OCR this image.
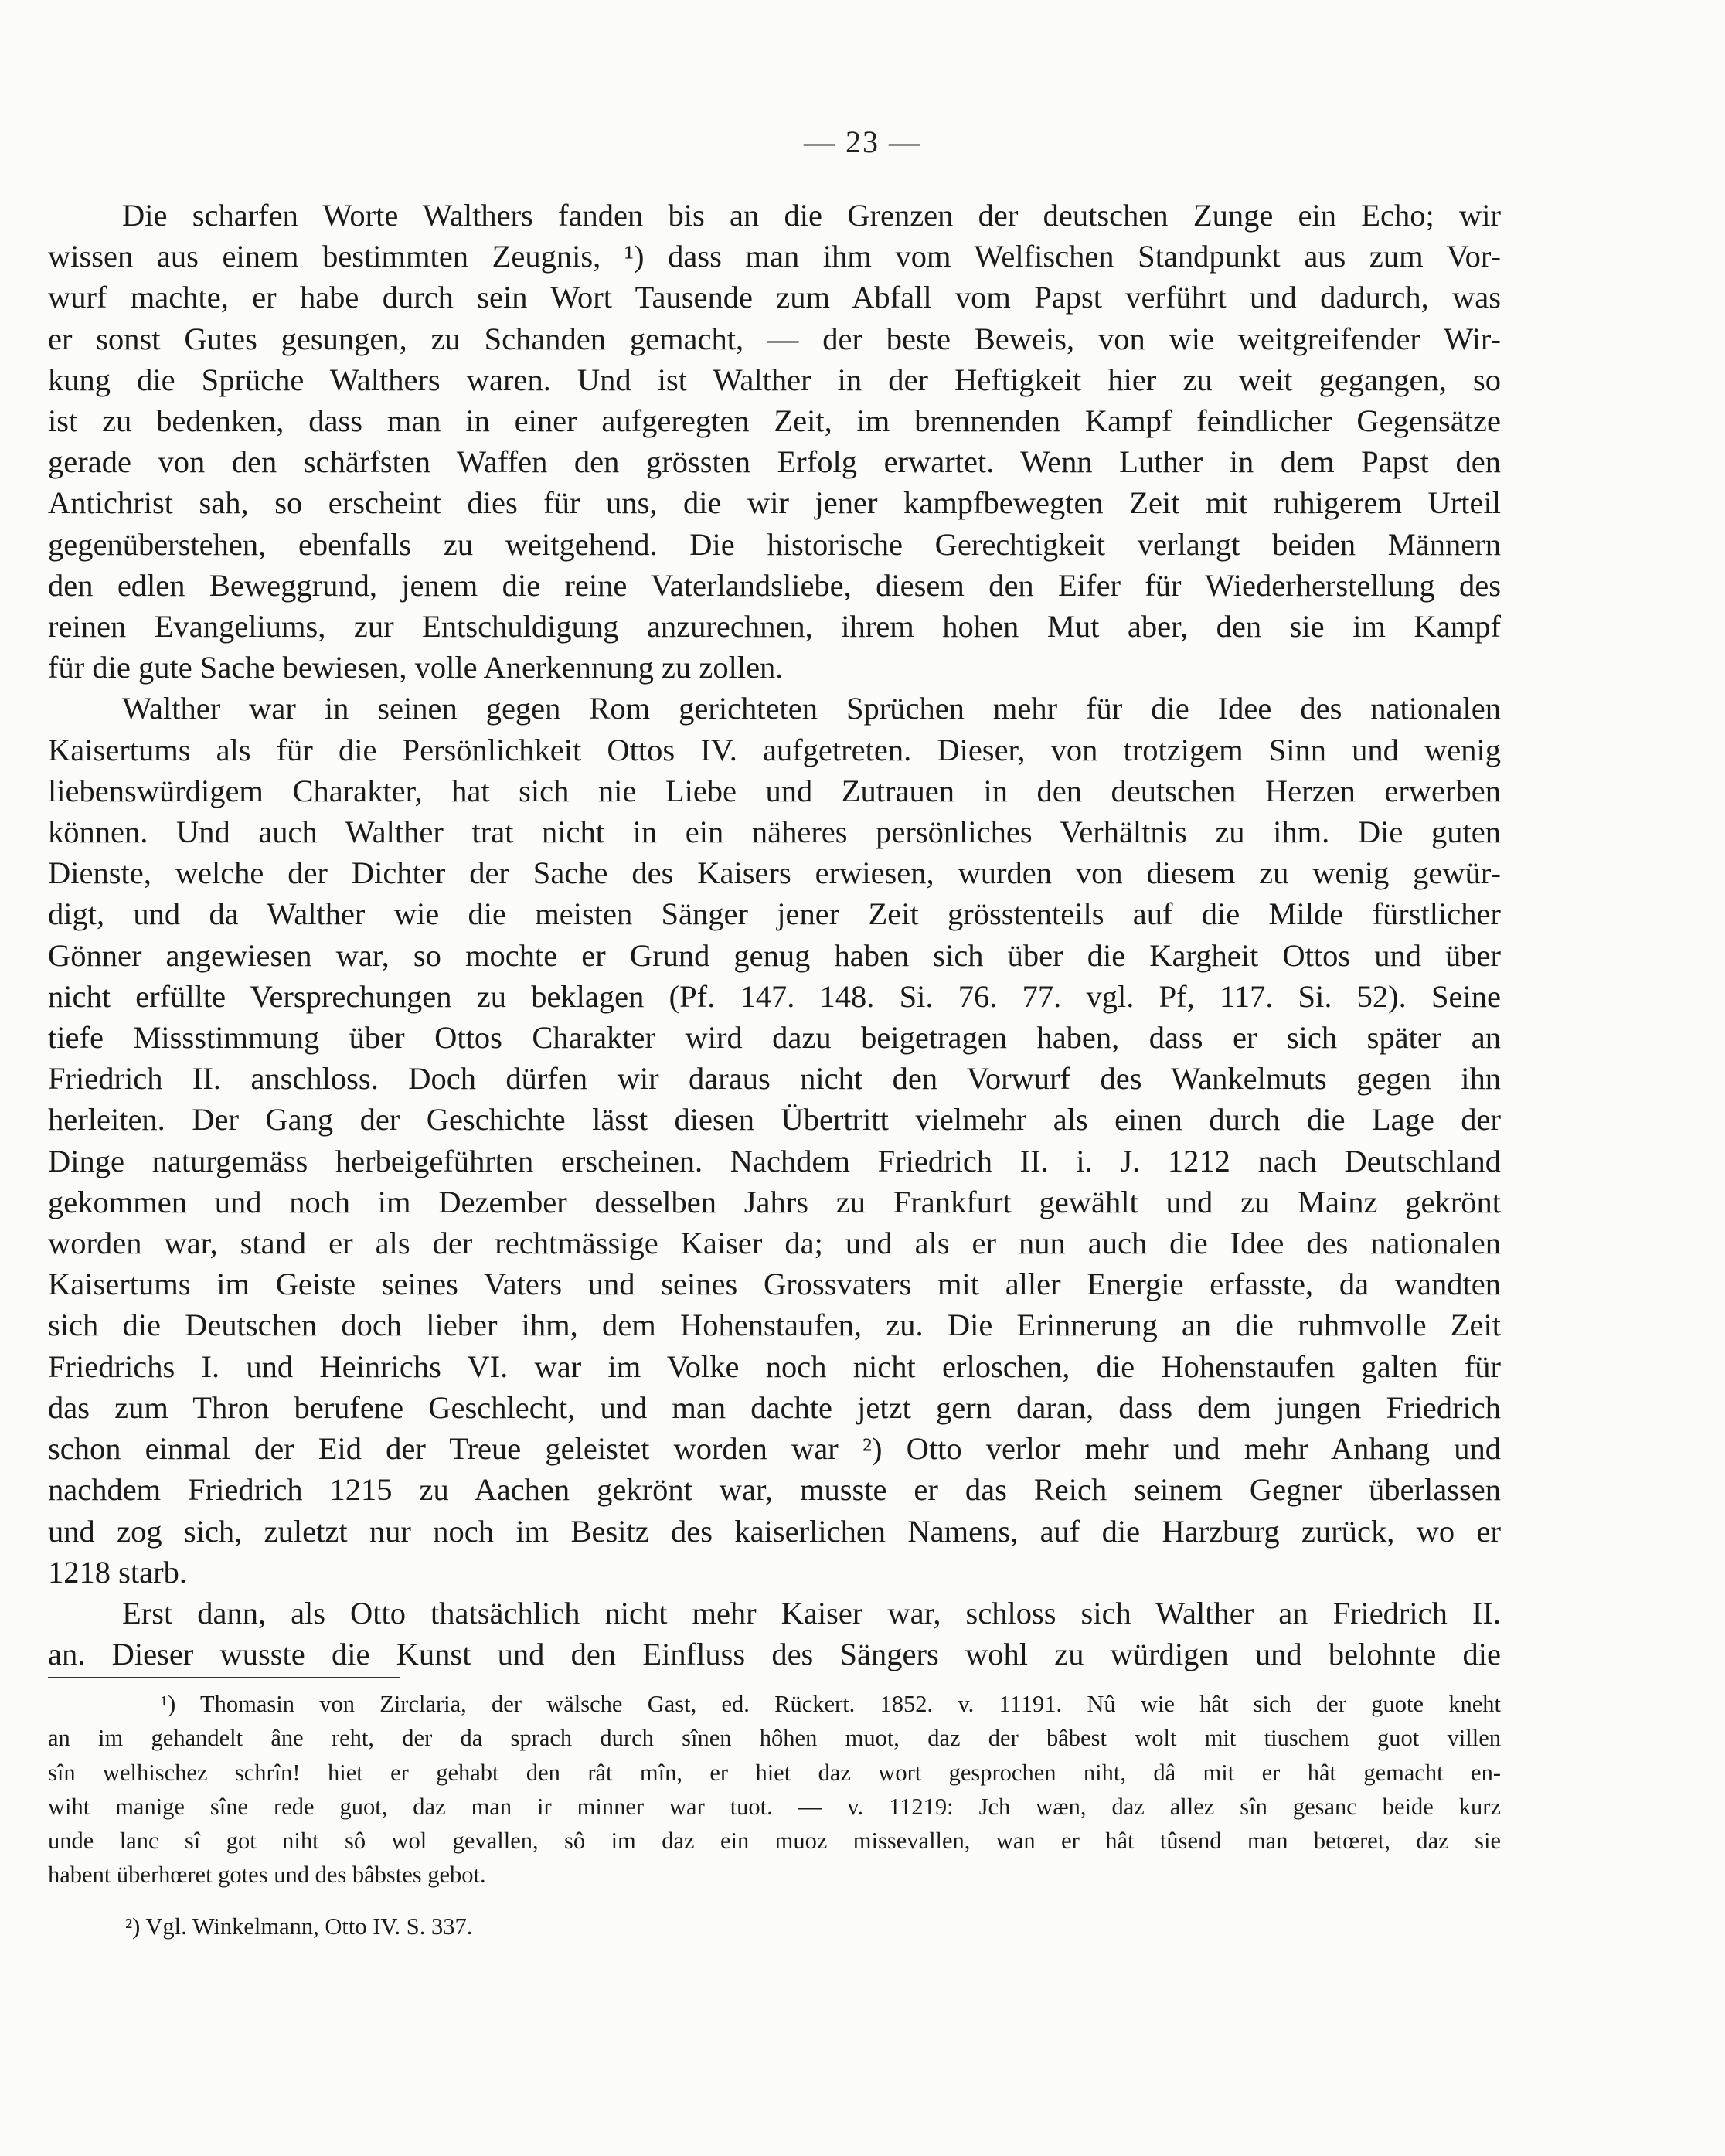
— 23 —

Die scharfen Worte Walthers fanden bis an die Grenzen der deutschen Zunge ein Echo; wir
wissen aus einem bestimmten Zeugnis, ¹) dass man ihm vom Welfischen Standpunkt aus zum Vor-
wurf machte, er habe durch sein Wort Tausende zum Abfall vom Papst verführt und dadurch, was
er sonst Gutes gesungen, zu Schanden gemacht, — der beste Beweis, von wie weitgreifender Wir-
kung die Sprüche Walthers waren. Und ist Walther in der Heftigkeit hier zu weit gegangen, so
ist zu bedenken, dass man in einer aufgeregten Zeit, im brennenden Kampf feindlicher Gegensätze
gerade von den schärfsten Waffen den grössten Erfolg erwartet. Wenn Luther in dem Papst den
Antichrist sah, so erscheint dies für uns, die wir jener kampfbewegten Zeit mit ruhigerem Urteil
gegenüberstehen, ebenfalls zu weitgehend. Die historische Gerechtigkeit verlangt beiden Männern
den edlen Beweggrund, jenem die reine Vaterlandsliebe, diesem den Eifer für Wiederherstellung des
reinen Evangeliums, zur Entschuldigung anzurechnen, ihrem hohen Mut aber, den sie im Kampf
für die gute Sache bewiesen, volle Anerkennung zu zollen.

Walther war in seinen gegen Rom gerichteten Sprüchen mehr für die Idee des nationalen
Kaisertums als für die Persönlichkeit Ottos IV. aufgetreten. Dieser, von trotzigem Sinn und wenig
liebenswürdigem Charakter, hat sich nie Liebe und Zutrauen in den deutschen Herzen erwerben
können. Und auch Walther trat nicht in ein näheres persönliches Verhältnis zu ihm. Die guten
Dienste, welche der Dichter der Sache des Kaisers erwiesen, wurden von diesem zu wenig gewür-
digt, und da Walther wie die meisten Sänger jener Zeit grösstenteils auf die Milde fürstlicher
Gönner angewiesen war, so mochte er Grund genug haben sich über die Kargheit Ottos und über
nicht erfüllte Versprechungen zu beklagen (Pf. 147. 148. Si. 76. 77. vgl. Pf, 117. Si. 52). Seine
tiefe Missstimmung über Ottos Charakter wird dazu beigetragen haben, dass er sich später an
Friedrich II. anschloss. Doch dürfen wir daraus nicht den Vorwurf des Wankelmuts gegen ihn
herleiten. Der Gang der Geschichte lässt diesen Übertritt vielmehr als einen durch die Lage der
Dinge naturgemäss herbeigeführten erscheinen. Nachdem Friedrich II. i. J. 1212 nach Deutschland
gekommen und noch im Dezember desselben Jahrs zu Frankfurt gewählt und zu Mainz gekrönt
worden war, stand er als der rechtmässige Kaiser da; und als er nun auch die Idee des nationalen
Kaisertums im Geiste seines Vaters und seines Grossvaters mit aller Energie erfasste, da wandten
sich die Deutschen doch lieber ihm, dem Hohenstaufen, zu. Die Erinnerung an die ruhmvolle Zeit
Friedrichs I. und Heinrichs VI. war im Volke noch nicht erloschen, die Hohenstaufen galten für
das zum Thron berufene Geschlecht, und man dachte jetzt gern daran, dass dem jungen Friedrich
schon einmal der Eid der Treue geleistet worden war ²) Otto verlor mehr und mehr Anhang und
nachdem Friedrich 1215 zu Aachen gekrönt war, musste er das Reich seinem Gegner überlassen
und zog sich, zuletzt nur noch im Besitz des kaiserlichen Namens, auf die Harzburg zurück, wo er
1218 starb.

Erst dann, als Otto thatsächlich nicht mehr Kaiser war, schloss sich Walther an Friedrich II.
an. Dieser wusste die Kunst und den Einfluss des Sängers wohl zu würdigen und belohnte die

¹) Thomasin von Zirclaria, der wälsche Gast, ed. Rückert. 1852. v. 11191. Nû wie hât sich der guote kneht
an im gehandelt âne reht, der da sprach durch sînen hôhen muot, daz der bâbest wolt mit tiuschem guot villen
sîn welhischez schrîn! hiet er gehabt den rât mîn, er hiet daz wort gesprochen niht, dâ mit er hât gemacht en-
wiht manige sîne rede guot, daz man ir minner war tuot. — v. 11219: Jch wæn, daz allez sîn gesanc beide kurz
unde lanc sî got niht sô wol gevallen, sô im daz ein muoz missevallen, wan er hât tûsend man betœret, daz sie
habent überhœret gotes und des bâbstes gebot.

²) Vgl. Winkelmann, Otto IV. S. 337.
